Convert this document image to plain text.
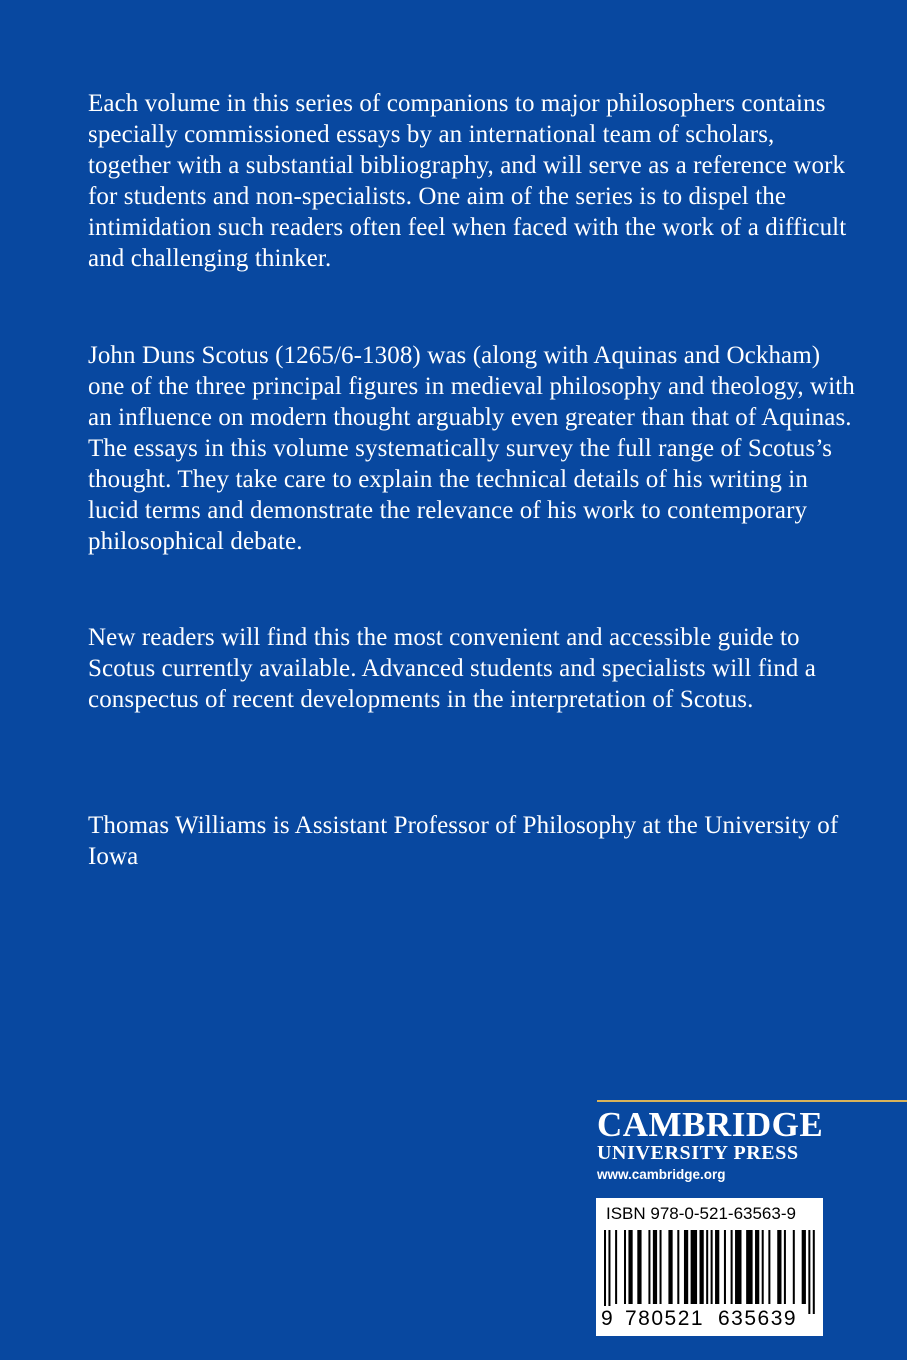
Each volume in this series of companions to major philosophers contains specially commissioned essays by an international team of scholars, together with a substantial bibliography, and will serve as a reference work for students and non-specialists. One aim of the series is to dispel the intimidation such readers often feel when faced with the work of a difficult and challenging thinker.

John Duns Scotus (1265/6-1308) was (along with Aquinas and Ockham) one of the three principal figures in medieval philosophy and theology, with an influence on modern thought arguably even greater than that of Aquinas. The essays in this volume systematically survey the full range of Scotus’s thought. They take care to explain the technical details of his writing in lucid terms and demonstrate the relevance of his work to contemporary philosophical debate.

New readers will find this the most convenient and accessible guide to Scotus currently available. Advanced students and specialists will find a conspectus of recent developments in the interpretation of Scotus.

Thomas Williams is Assistant Professor of Philosophy at the University of Iowa

CAMBRIDGE
UNIVERSITY PRESS
www.cambridge.org
ISBN 978-0-521-63563-9
9 780521 635639
